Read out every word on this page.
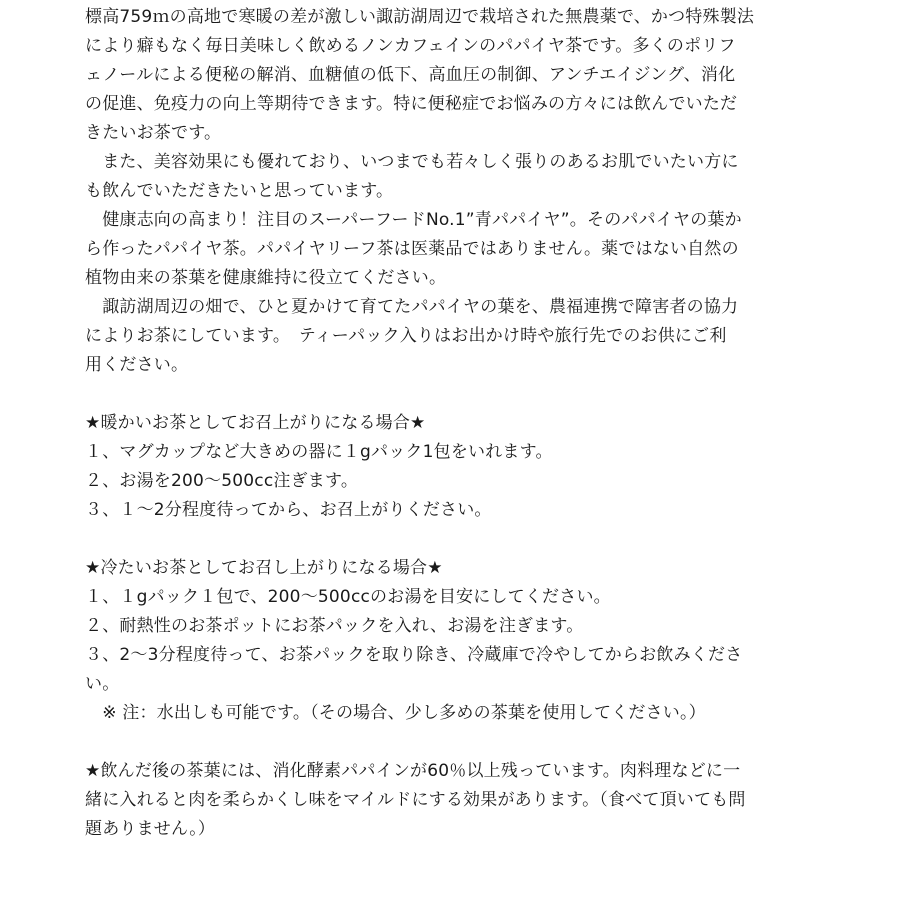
標高759ｍの高地で寒暖の差が激しい諏訪湖周辺で栽培された無農薬で、かつ特殊製法
により癖もなく毎日美味しく飲めるノンカフェインのパパイヤ茶です。多くのポリフ
ェノールによる便秘の解消、血糖値の低下、高血圧の制御、アンチエイジング、消化
の促進、免疫力の向上等期待できます。特に便秘症でお悩みの方々には飲んでいただ
きたいお茶です。
　また、美容効果にも優れており、いつまでも若々しく張りのあるお肌でいたい方に
も飲んでいただきたいと思っています。
　健康志向の高まり！注目のスーパーフードNo.1”青パパイヤ”。そのパパイヤの葉か
ら作ったパパイヤ茶。パパイヤリーフ茶は医薬品ではありません。薬ではない自然の
植物由来の茶葉を健康維持に役立てください。
　諏訪湖周辺の畑で、ひと夏かけて育てたパパイヤの葉を、農福連携で障害者の協力
によりお茶にしています。　ティーパック入りはお出かけ時や旅行先でのお供にご利
用ください。
★暖かいお茶としてお召上がりになる場合★
１、マグカップなど大きめの器に１gパック1包をいれます。
２、お湯を200～500cc注ぎます。
３、１～2分程度待ってから、お召上がりください。
★冷たいお茶としてお召し上がりになる場合★
１、１gパック１包で、200～500ccのお湯を目安にしてください。
２、耐熱性のお茶ポットにお茶パックを入れ、お湯を注ぎます。
３、2～3分程度待って、お茶パックを取り除き、冷蔵庫で冷やしてからお飲みくださ
い。
　※ 注：水出しも可能です。（その場合、少し多めの茶葉を使用してください。）
★飲んだ後の茶葉には、消化酵素パパインが60％以上残っています。肉料理などに一
緒に入れると肉を柔らかくし味をマイルドにする効果があります。（食べて頂いても問
題ありません。）
